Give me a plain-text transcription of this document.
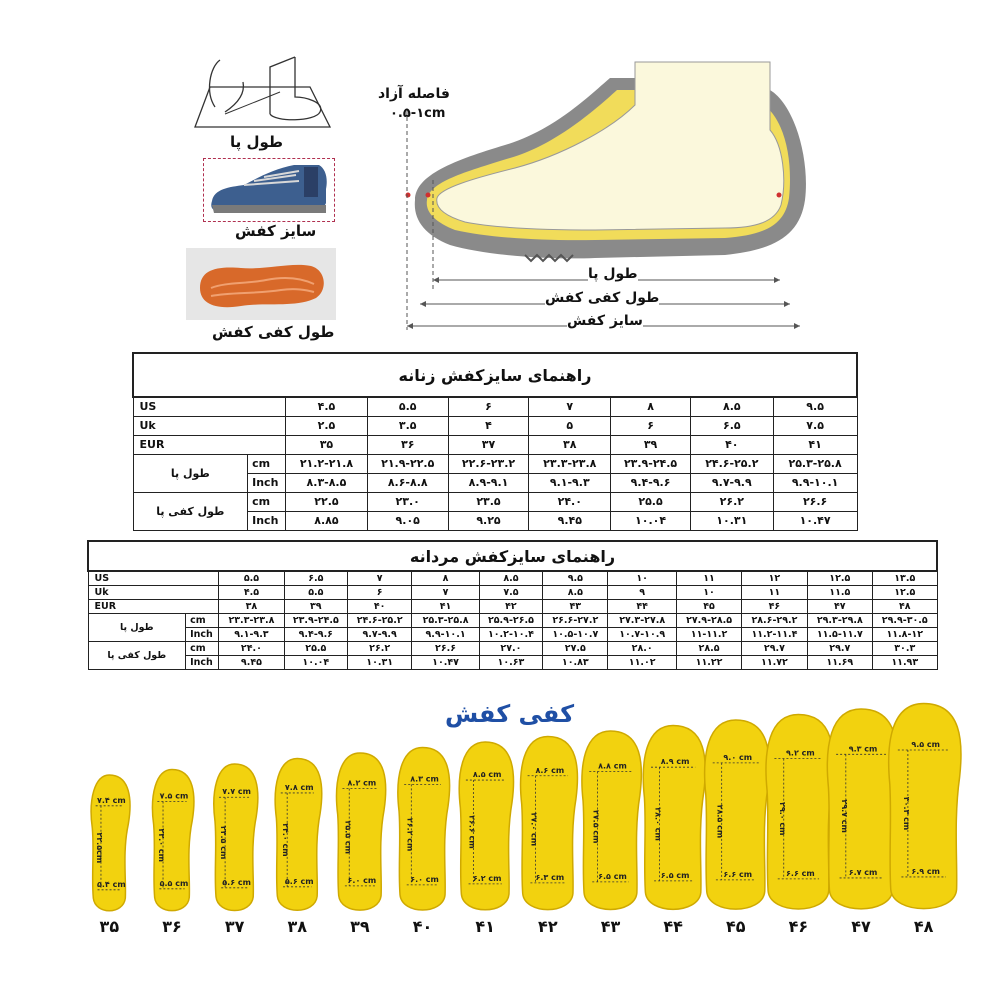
طول پا
سایز کفش
طول کفی کفش
فاصله آزاد
۰.۵-۱cm
طول پا
طول کفی کفش
سایز کفش
راهنمای سایزکفش زنانه								
US		۴.۵	۵.۵	۶	۷	۸	۸.۵	۹.۵
Uk		۲.۵	۳.۵	۴	۵	۶	۶.۵	۷.۵
EUR		۳۵	۳۶	۳۷	۳۸	۳۹	۴۰	۴۱
طول پا	cm	۲۱.۲-۲۱.۸	۲۱.۹-۲۲.۵	۲۲.۶-۲۳.۲	۲۳.۳-۲۳.۸	۲۳.۹-۲۴.۵	۲۴.۶-۲۵.۲	۲۵.۳-۲۵.۸
	Inch	۸.۳-۸.۵	۸.۶-۸.۸	۸.۹-۹.۱	۹.۱-۹.۳	۹.۴-۹.۶	۹.۷-۹.۹	۹.۹-۱۰.۱
طول کفی پا	cm	۲۲.۵	۲۳.۰	۲۳.۵	۲۴.۰	۲۵.۵	۲۶.۲	۲۶.۶
	Inch	۸.۸۵	۹.۰۵	۹.۲۵	۹.۴۵	۱۰.۰۴	۱۰.۳۱	۱۰.۴۷
راهنمای سایزکفش مردانه												
US		۵.۵	۶.۵	۷	۸	۸.۵	۹.۵	۱۰	۱۱	۱۲	۱۲.۵	۱۳.۵
Uk		۴.۵	۵.۵	۶	۷	۷.۵	۸.۵	۹	۱۰	۱۱	۱۱.۵	۱۲.۵
EUR		۳۸	۳۹	۴۰	۴۱	۴۲	۴۳	۴۴	۴۵	۴۶	۴۷	۴۸
طول پا	cm	۲۳.۳-۲۳.۸	۲۳.۹-۲۴.۵	۲۴.۶-۲۵.۲	۲۵.۳-۲۵.۸	۲۵.۹-۲۶.۵	۲۶.۶-۲۷.۲	۲۷.۳-۲۷.۸	۲۷.۹-۲۸.۵	۲۸.۶-۲۹.۲	۲۹.۳-۲۹.۸	۲۹.۹-۳۰.۵
	Inch	۹.۱-۹.۳	۹.۴-۹.۶	۹.۷-۹.۹	۹.۹-۱۰.۱	۱۰.۲-۱۰.۴	۱۰.۵-۱۰.۷	۱۰.۷-۱۰.۹	۱۱-۱۱.۲	۱۱.۲-۱۱.۴	۱۱.۵-۱۱.۷	۱۱.۸-۱۲
طول کفی پا	cm	۲۴.۰	۲۵.۵	۲۶.۲	۲۶.۶	۲۷.۰	۲۷.۵	۲۸.۰	۲۸.۵	۲۹.۷	۲۹.۷	۳۰.۳
	Inch	۹.۴۵	۱۰.۰۴	۱۰.۳۱	۱۰.۴۷	۱۰.۶۳	۱۰.۸۳	۱۱.۰۲	۱۱.۲۲	۱۱.۷۲	۱۱.۶۹	۱۱.۹۳
کفی کفش
۷.۴ cm
۵.۴ cm
۲۲.۵cm
۷.۵ cm
۵.۵ cm
۲۳.۰ cm
۷.۷ cm
۵.۶ cm
۲۳.۵ cm
۷.۸ cm
۵.۶ cm
۲۴.۰ cm
۸.۲ cm
۶.۰ cm
۲۵.۵ cm
۸.۳ cm
۶.۰ cm
۲۶.۲ cm
۸.۵ cm
۶.۲ cm
۲۶.۶ cm
۸.۶ cm
۶.۳ cm
۲۷.۰ cm
۸.۸ cm
۶.۵ cm
۲۷.۵ cm
۸.۹ cm
۶.۵ cm
۲۸.۰ cm
۹.۰ cm
۶.۶ cm
۲۸.۵ cm
۹.۲ cm
۶.۶ cm
۲۹.۰ cm
۹.۳ cm
۶.۷ cm
۲۹.۷ cm
۹.۵ cm
۶.۹ cm
۳۰.۳ cm
۳۵	۳۶	۳۷	۳۸	۳۹	۴۰	۴۱	۴۲	۴۳	۴۴	۴۵	۴۶	۴۷	۴۸
